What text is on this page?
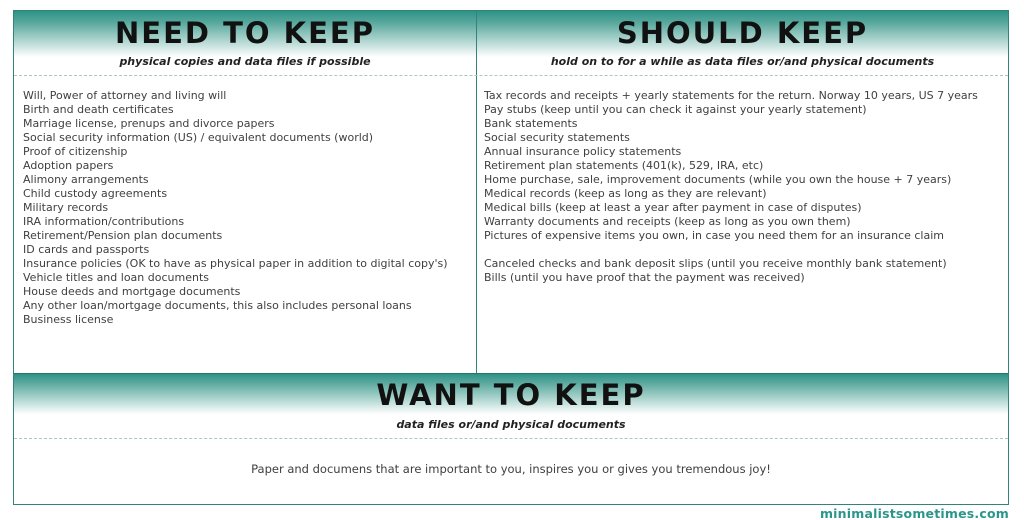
NEED TO KEEP
physical copies and data files if possible
SHOULD KEEP
hold on to for a while as data files or/and physical documents
Will, Power of attorney and living will
Birth and death certificates
Marriage license, prenups and divorce papers
Social security information (US) / equivalent documents (world)
Proof of citizenship
Adoption papers
Alimony arrangements
Child custody agreements
Military records
IRA information/contributions
Retirement/Pension plan documents
ID cards and passports
Insurance policies (OK to have as physical paper in addition to digital copy's)
Vehicle titles and loan documents
House deeds and mortgage documents
Any other loan/mortgage documents, this also includes personal loans
Business license
Tax records and receipts + yearly statements for the return. Norway 10 years, US 7 years
Pay stubs (keep until you can check it against your yearly statement)
Bank statements
Social security statements
Annual insurance policy statements
Retirement plan statements (401(k), 529, IRA, etc)
Home purchase, sale, improvement documents (while you own the house + 7 years)
Medical records (keep as long as they are relevant)
Medical bills (keep at least a year after payment in case of disputes)
Warranty documents and receipts (keep as long as you own them)
Pictures of expensive items you own, in case you need them for an insurance claim
Canceled checks and bank deposit slips (until you receive monthly bank statement)
Bills (until you have proof that the payment was received)
WANT TO KEEP
data files or/and physical documents
Paper and documens that are important to you, inspires you or gives you tremendous joy!
minimalistsometimes.com
